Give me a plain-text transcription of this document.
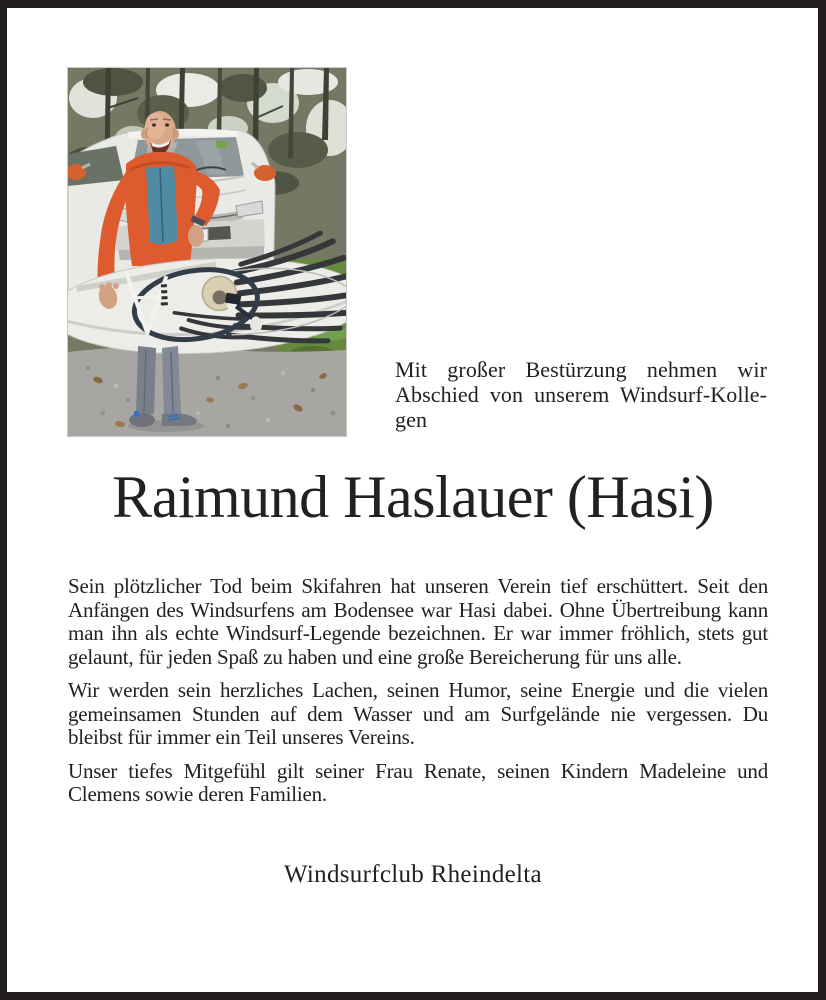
Mit großer Bestürzung nehmen wir Abschied von unserem Windsurf-Kollegen
Raimund Haslauer (Hasi)

Sein plötzlicher Tod beim Skifahren hat unseren Verein tief erschüttert. Seit den Anfängen des Windsurfens am Bodensee war Hasi dabei. Ohne Übertreibung kann man ihn als echte Windsurf-Legende bezeichnen. Er war immer fröhlich, stets gut gelaunt, für jeden Spaß zu haben und eine große Bereicherung für uns alle.

Wir werden sein herzliches Lachen, seinen Humor, seine Energie und die vielen gemeinsamen Stunden auf dem Wasser und am Surfgelände nie vergessen. Du bleibst für immer ein Teil unseres Vereins.

Unser tiefes Mitgefühl gilt seiner Frau Renate, seinen Kindern Madeleine und Clemens sowie deren Familien.

Windsurfclub Rheindelta
